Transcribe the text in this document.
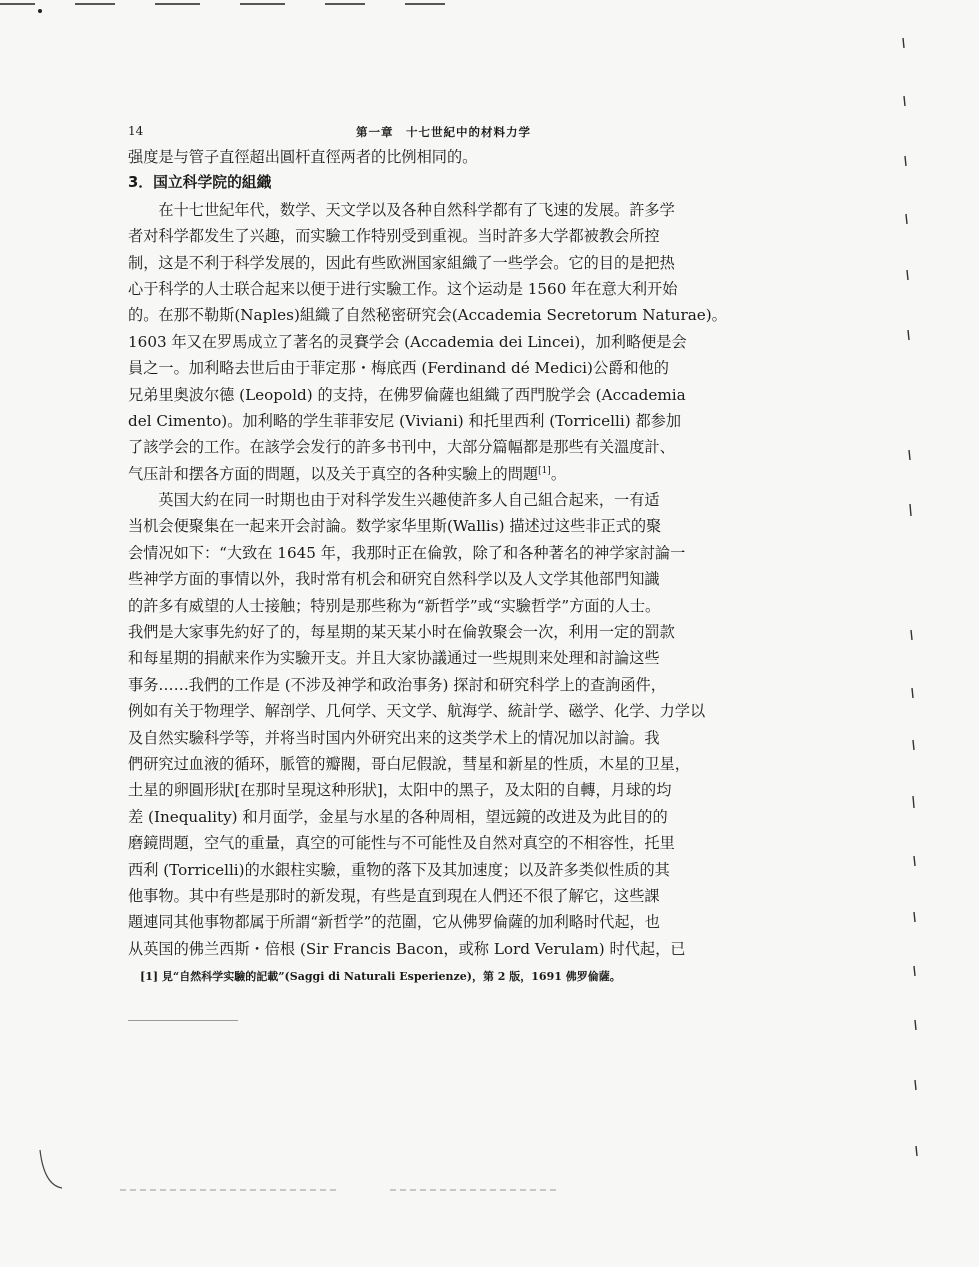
14	第一章　十七世紀中的材料力学
强度是与管子直徑超出圓杆直徑两者的比例相同的。
3．国立科学院的組織
　　在十七世紀年代，数学、天文学以及各种自然科学都有了飞速的发展。許多学
者对科学都发生了兴趣，而实驗工作特别受到重视。当时許多大学都被教会所控
制，这是不利于科学发展的，因此有些欧洲国家組織了一些学会。它的目的是把热
心于科学的人士联合起来以便于进行实驗工作。这个运动是 1560 年在意大利开始
的。在那不勒斯(Naples)組織了自然秘密研究会(Accademia Secretorum Naturae)。
1603 年又在罗馬成立了著名的灵賽学会 (Accademia dei Lincei)，加利略便是会
員之一。加利略去世后由于菲定那・梅底西 (Ferdinand dé Medici)公爵和他的
兄弟里奥波尔德 (Leopold) 的支持，在佛罗倫薩也組織了西門脫学会 (Accademia
del Cimento)。加利略的学生菲菲安尼 (Viviani) 和托里西利 (Torricelli) 都参加
了該学会的工作。在該学会发行的許多书刊中，大部分篇幅都是那些有关溫度計、
气压計和摆各方面的問題，以及关于真空的各种实驗上的問題[1]。
　　英国大約在同一时期也由于对科学发生兴趣使許多人自己組合起来，一有适
当机会便聚集在一起来开会討論。数学家华里斯(Wallis) 描述过这些非正式的聚
会情况如下：“大致在 1645 年，我那时正在倫敦，除了和各种著名的神学家討論一
些神学方面的事情以外，我时常有机会和研究自然科学以及人文学其他部門知識
的許多有威望的人士接触；特别是那些称为“新哲学”或“实驗哲学”方面的人士。
我們是大家事先約好了的，每星期的某天某小时在倫敦聚会一次，利用一定的罰款
和每星期的捐献来作为实驗开支。并且大家协議通过一些規則来处理和討論这些
事务……我們的工作是 (不涉及神学和政治事务) 探討和研究科学上的查詢函件，
例如有关于物理学、解剖学、几何学、天文学、航海学、統計学、磁学、化学、力学以
及自然实驗科学等，并将当时国内外研究出来的这类学术上的情况加以討論。我
們研究过血液的循环，脈管的瓣閥，哥白尼假說，彗星和新星的性质，木星的卫星，
土星的卵圓形狀[在那时呈現这种形狀]，太阳中的黑子，及太阳的自轉，月球的均
差 (Inequality) 和月面学，金星与水星的各种周相，望远鏡的改进及为此目的的
磨鏡問題，空气的重量，真空的可能性与不可能性及自然对真空的不相容性，托里
西利 (Torricelli)的水銀柱实驗，重物的落下及其加速度；以及許多类似性质的其
他事物。其中有些是那时的新发現，有些是直到現在人們还不很了解它，这些課
題連同其他事物都属于所謂“新哲学”的范圍，它从佛罗倫薩的加利略时代起，也
从英国的佛兰西斯・倍根 (Sir Francis Bacon，或称 Lord Verulam) 时代起，已
[1] 見“自然科学实驗的記載”(Saggi di Naturali Esperienze)，第 2 版，1691 佛罗倫薩。
